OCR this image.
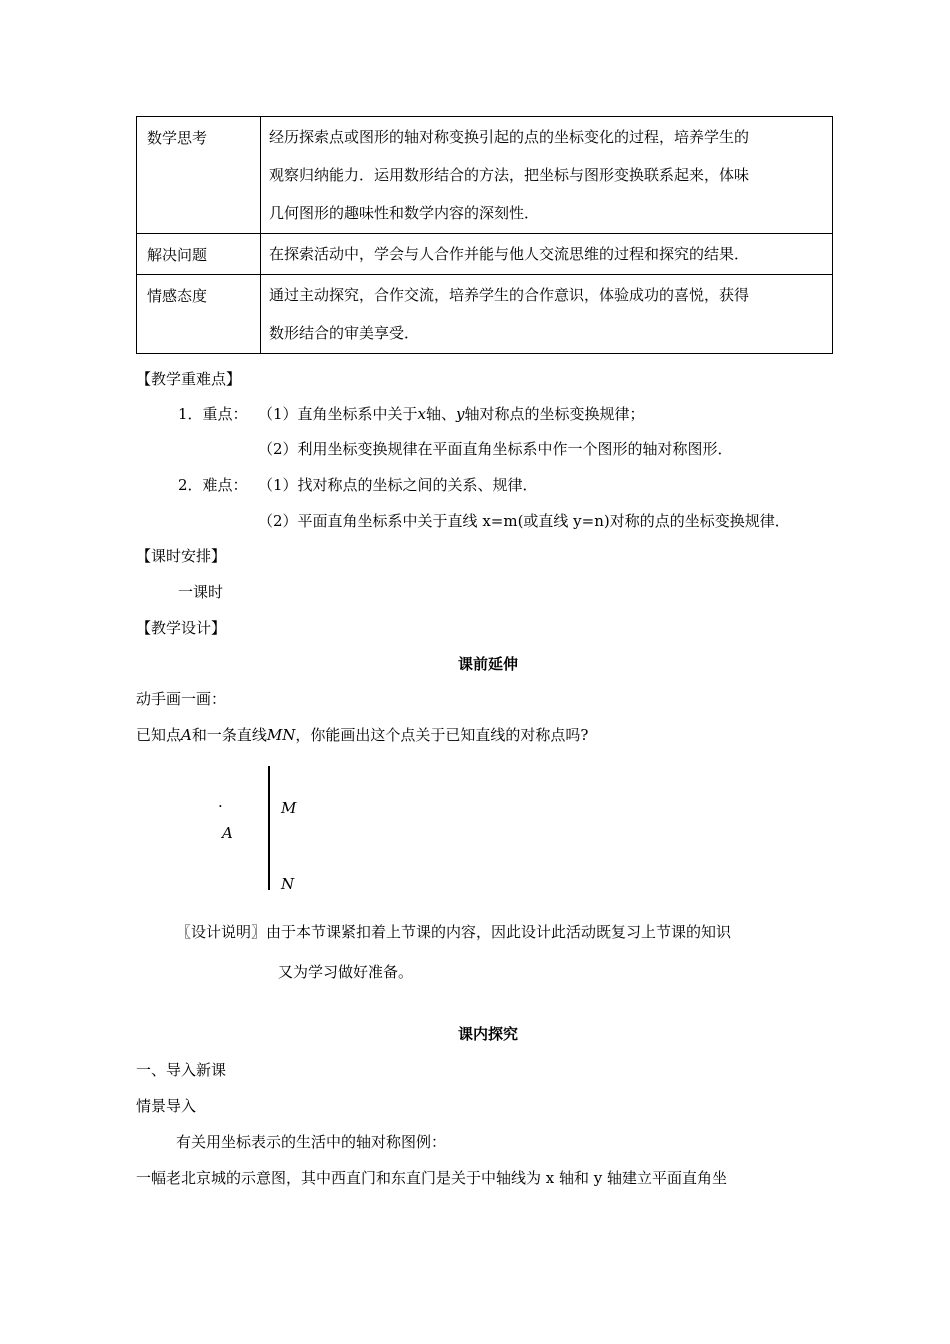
数学思考	经历探索点或图形的轴对称变换引起的点的坐标变化的过程，培养学生的
观察归纳能力．运用数形结合的方法，把坐标与图形变换联系起来，体味
几何图形的趣味性和数学内容的深刻性．

解决问题	在探索活动中，学会与人合作并能与他人交流思维的过程和探究的结果．

情感态度	通过主动探究，合作交流，培养学生的合作意识，体验成功的喜悦，获得
数形结合的审美享受．
【教学重难点】
1．重点： （1）直角坐标系中关于x轴、y轴对称点的坐标变换规律；
（2）利用坐标变换规律在平面直角坐标系中作一个图形的轴对称图形．
2．难点： （1）找对称点的坐标之间的关系、规律．
（2）平面直角坐标系中关于直线 x=m(或直线 y=n)对称的点的坐标变换规律．
【课时安排】
一课时
【教学设计】
课前延伸
动手画一画：
已知点A和一条直线MN，你能画出这个点关于已知直线的对称点吗?
·
A
M
N
〖设计说明〗由于本节课紧扣着上节课的内容，因此设计此活动既复习上节课的知识
又为学习做好准备。
课内探究
一、导入新课
情景导入
有关用坐标表示的生活中的轴对称图例：
一幅老北京城的示意图，其中西直门和东直门是关于中轴线为 x 轴和 y 轴建立平面直角坐
